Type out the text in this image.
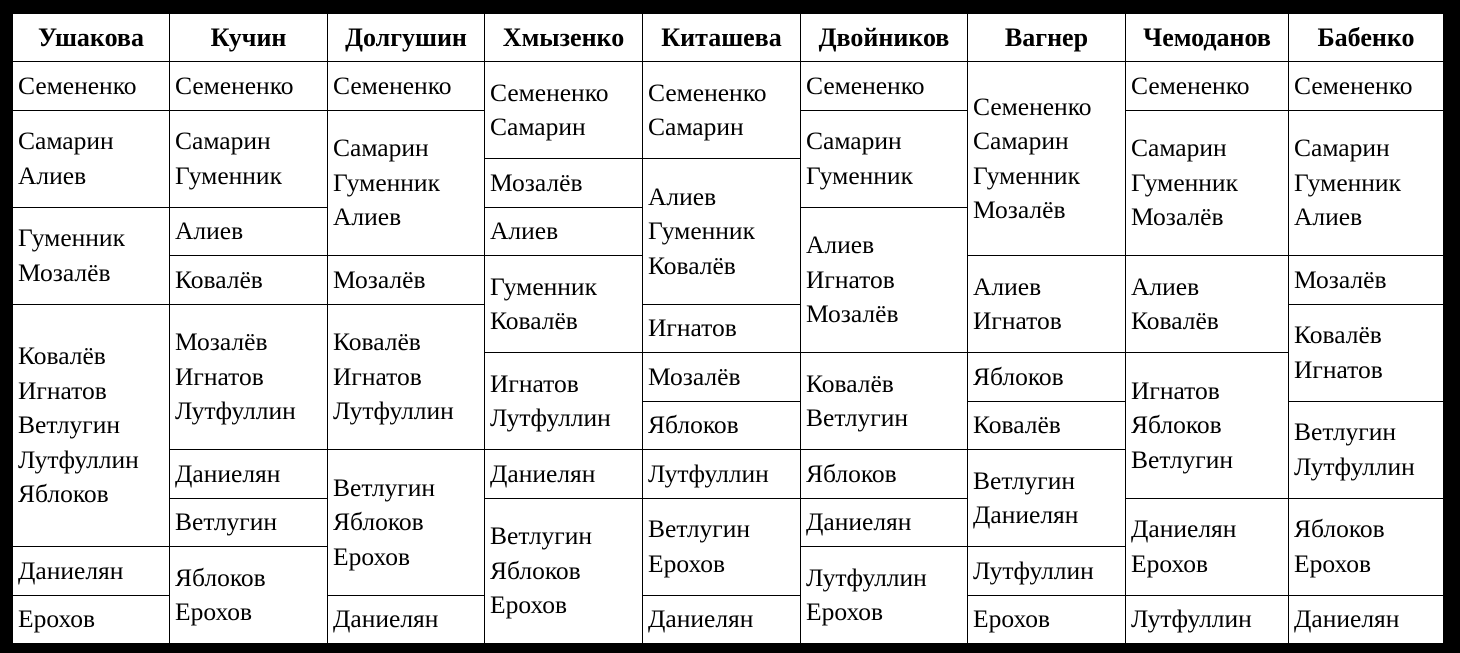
Ушакова
Семененко
Самарин
Алиев
Гуменник
Мозалёв
Ковалёв
Игнатов
Ветлугин
Лутфуллин
Яблоков
Даниелян
Ерохов
Кучин
Семененко
Самарин
Гуменник
Алиев
Ковалёв
Мозалёв
Игнатов
Лутфуллин
Даниелян
Ветлугин
Яблоков
Ерохов
Долгушин
Семененко
Самарин
Гуменник
Алиев
Мозалёв
Ковалёв
Игнатов
Лутфуллин
Ветлугин
Яблоков
Ерохов
Даниелян
Хмызенко
Семененко
Самарин
Мозалёв
Алиев
Гуменник
Ковалёв
Игнатов
Лутфуллин
Даниелян
Ветлугин
Яблоков
Ерохов
Киташева
Семененко
Самарин
Алиев
Гуменник
Ковалёв
Игнатов
Мозалёв
Яблоков
Лутфуллин
Ветлугин
Ерохов
Даниелян
Двойников
Семененко
Самарин
Гуменник
Алиев
Игнатов
Мозалёв
Ковалёв
Ветлугин
Яблоков
Даниелян
Лутфуллин
Ерохов
Вагнер
Семененко
Самарин
Гуменник
Мозалёв
Алиев
Игнатов
Яблоков
Ковалёв
Ветлугин
Даниелян
Лутфуллин
Ерохов
Чемоданов
Семененко
Самарин
Гуменник
Мозалёв
Алиев
Ковалёв
Игнатов
Яблоков
Ветлугин
Даниелян
Ерохов
Лутфуллин
Бабенко
Семененко
Самарин
Гуменник
Алиев
Мозалёв
Ковалёв
Игнатов
Ветлугин
Лутфуллин
Яблоков
Ерохов
Даниелян
